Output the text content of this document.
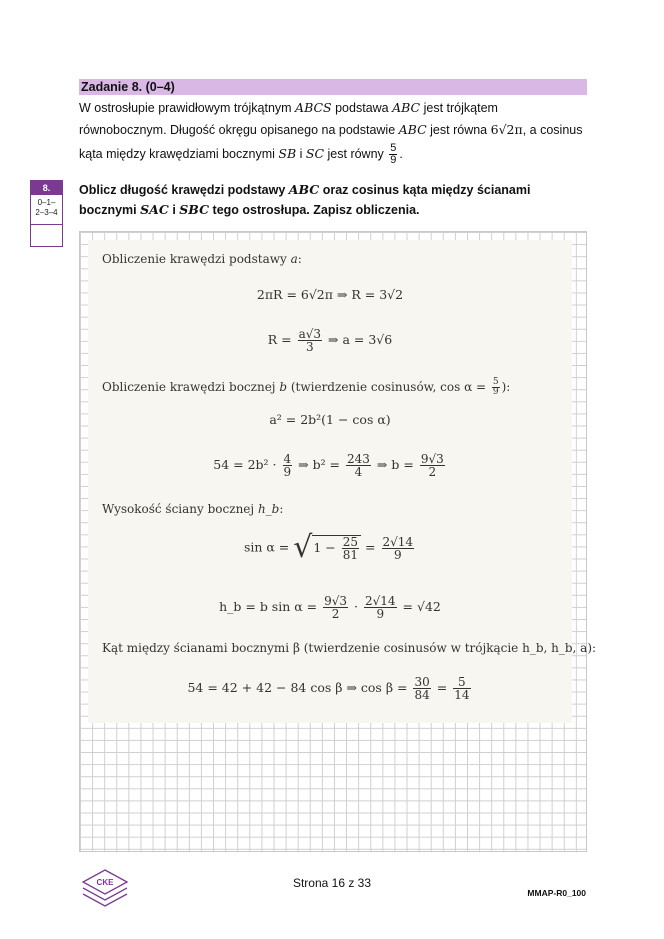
Zadanie 8. (0–4)

W ostrosłupie prawidłowym trójkątnym ABCS podstawa ABC jest trójkątem

równobocznym. Długość okręgu opisanego na podstawie ABC jest równa 6√2π, a cosinus

kąta między krawędziami bocznymi SB i SC jest równy $\frac{5}{9}$ .

8.
0–1–
2–3–4
Oblicz długość krawędzi podstawy ABC oraz cosinus kąta między ścianami
bocznymi SAC i SBC tego ostrosłupa. Zapisz obliczenia.
Obliczenie krawędzi podstawy a:
2πR = 6√2π ⇒ R = 3√2
$R = \frac{a√3}{3}$ ⇒ a = 3√6
Obliczenie krawędzi bocznej b (twierdzenie cosinusów, $\cos \alpha = \frac{5}{9}$ ):
a² = 2b²(1 − cos α)
$54 = 2b^2 \cdot \frac{4}{9}$ ⇒ $b^2 = \frac{243}{4}$ ⇒ $b = \frac{9√3}{2}$
Wysokość ściany bocznej h_b:
$\sin \alpha = √1 - \frac{25}{81} = \frac{2√14}{9}$
h_b = b $\sin \alpha = \frac{9√3}{2} \cdot \frac{2√14}{9} = √42$
Kąt między ścianami bocznymi β (twierdzenie cosinusów w trójkącie h_b, h_b, a):
54 = 42 + 42 − 84 cos β ⇒ $\cos \beta = \frac{30}{84} = \frac{5}{14}$
CKE	Strona 16 z 33
MMAP-R0_100
